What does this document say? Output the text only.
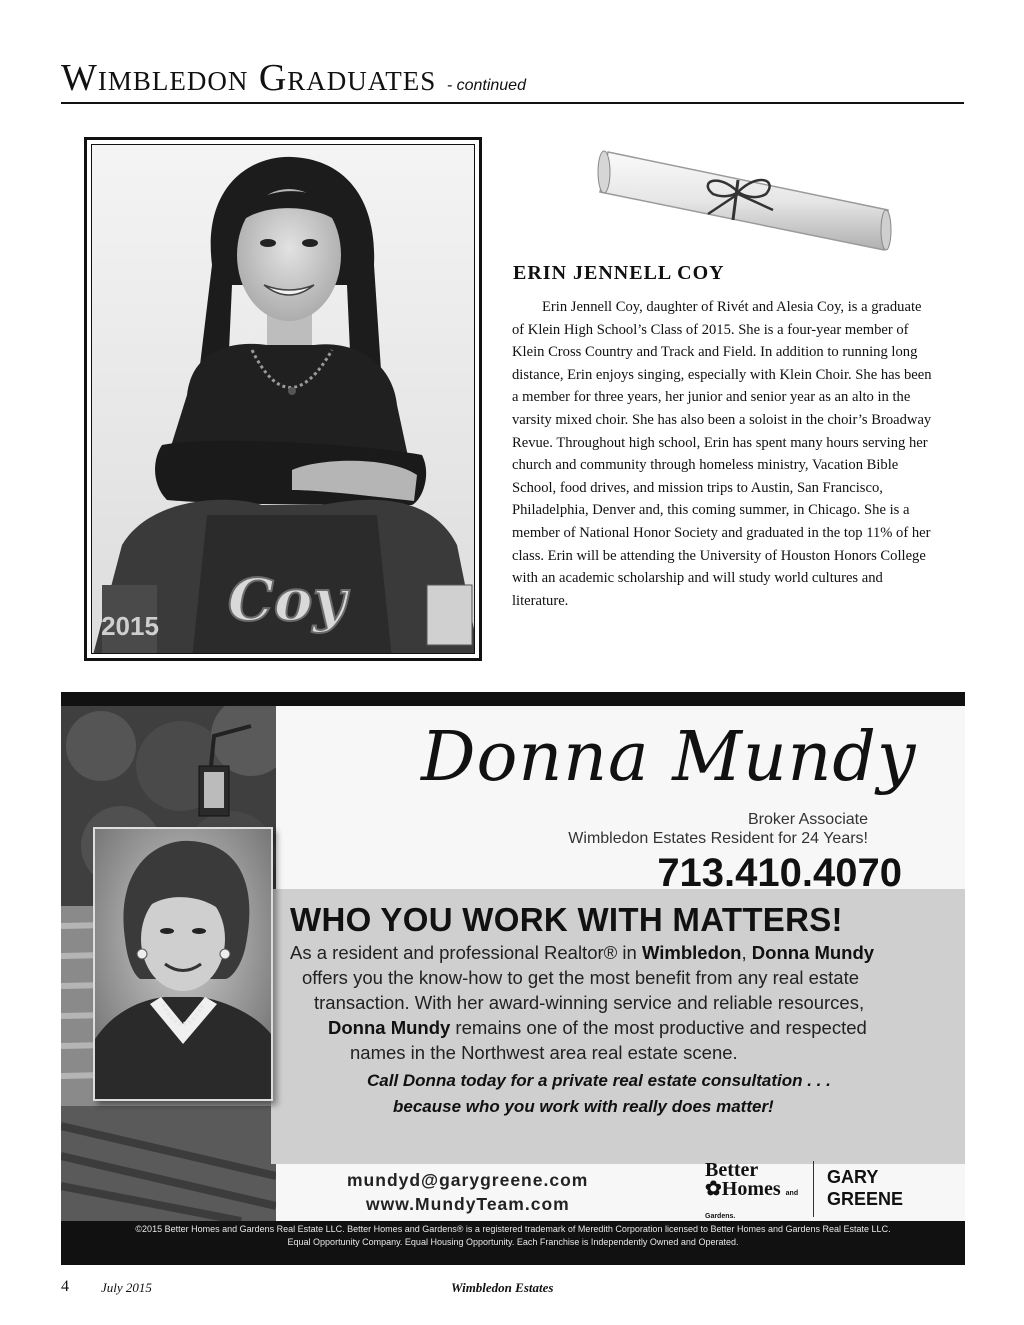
Wimbledon Graduates - continued
Coy
2015
ERIN JENNELL COY
Erin Jennell Coy, daughter of Rivét and Alesia Coy, is a graduate of Klein High School’s Class of 2015. She is a four-year member of Klein Cross Country and Track and Field. In addition to running long distance, Erin enjoys singing, especially with Klein Choir. She has been a member for three years, her junior and senior year as an alto in the varsity mixed choir. She has also been a soloist in the choir’s Broadway Revue. Throughout high school, Erin has spent many hours serving her church and community through homeless ministry, Vacation Bible School, food drives, and mission trips to Austin, San Francisco, Philadelphia, Denver and, this coming summer, in Chicago. She is a member of National Honor Society and graduated in the top 11% of her class. Erin will be attending the University of Houston Honors College with an academic scholarship and will study world cultures and literature.
Donna Mundy
Broker Associate
Wimbledon Estates Resident for 24 Years!
713.410.4070
WHO YOU WORK WITH MATTERS!
As a resident and professional Realtor® in Wimbledon, Donna Mundy
offers you the know-how to get the most benefit from any real estate
transaction. With her award-winning service and reliable resources,
Donna Mundy remains one of the most productive and respected
names in the Northwest area real estate scene.
Call Donna today for a private real estate consultation . . .
because who you work with really does matter!
mundyd@garygreene.com
www.MundyTeam.com
Better
✿Homes and Gardens.
GARY
GREENE
©2015 Better Homes and Gardens Real Estate LLC. Better Homes and Gardens® is a registered trademark of Meredith Corporation licensed to Better Homes and Gardens Real Estate LLC.
Equal Opportunity Company. Equal Housing Opportunity. Each Franchise is Independently Owned and Operated.
4 July 2015	Wimbledon Estates
